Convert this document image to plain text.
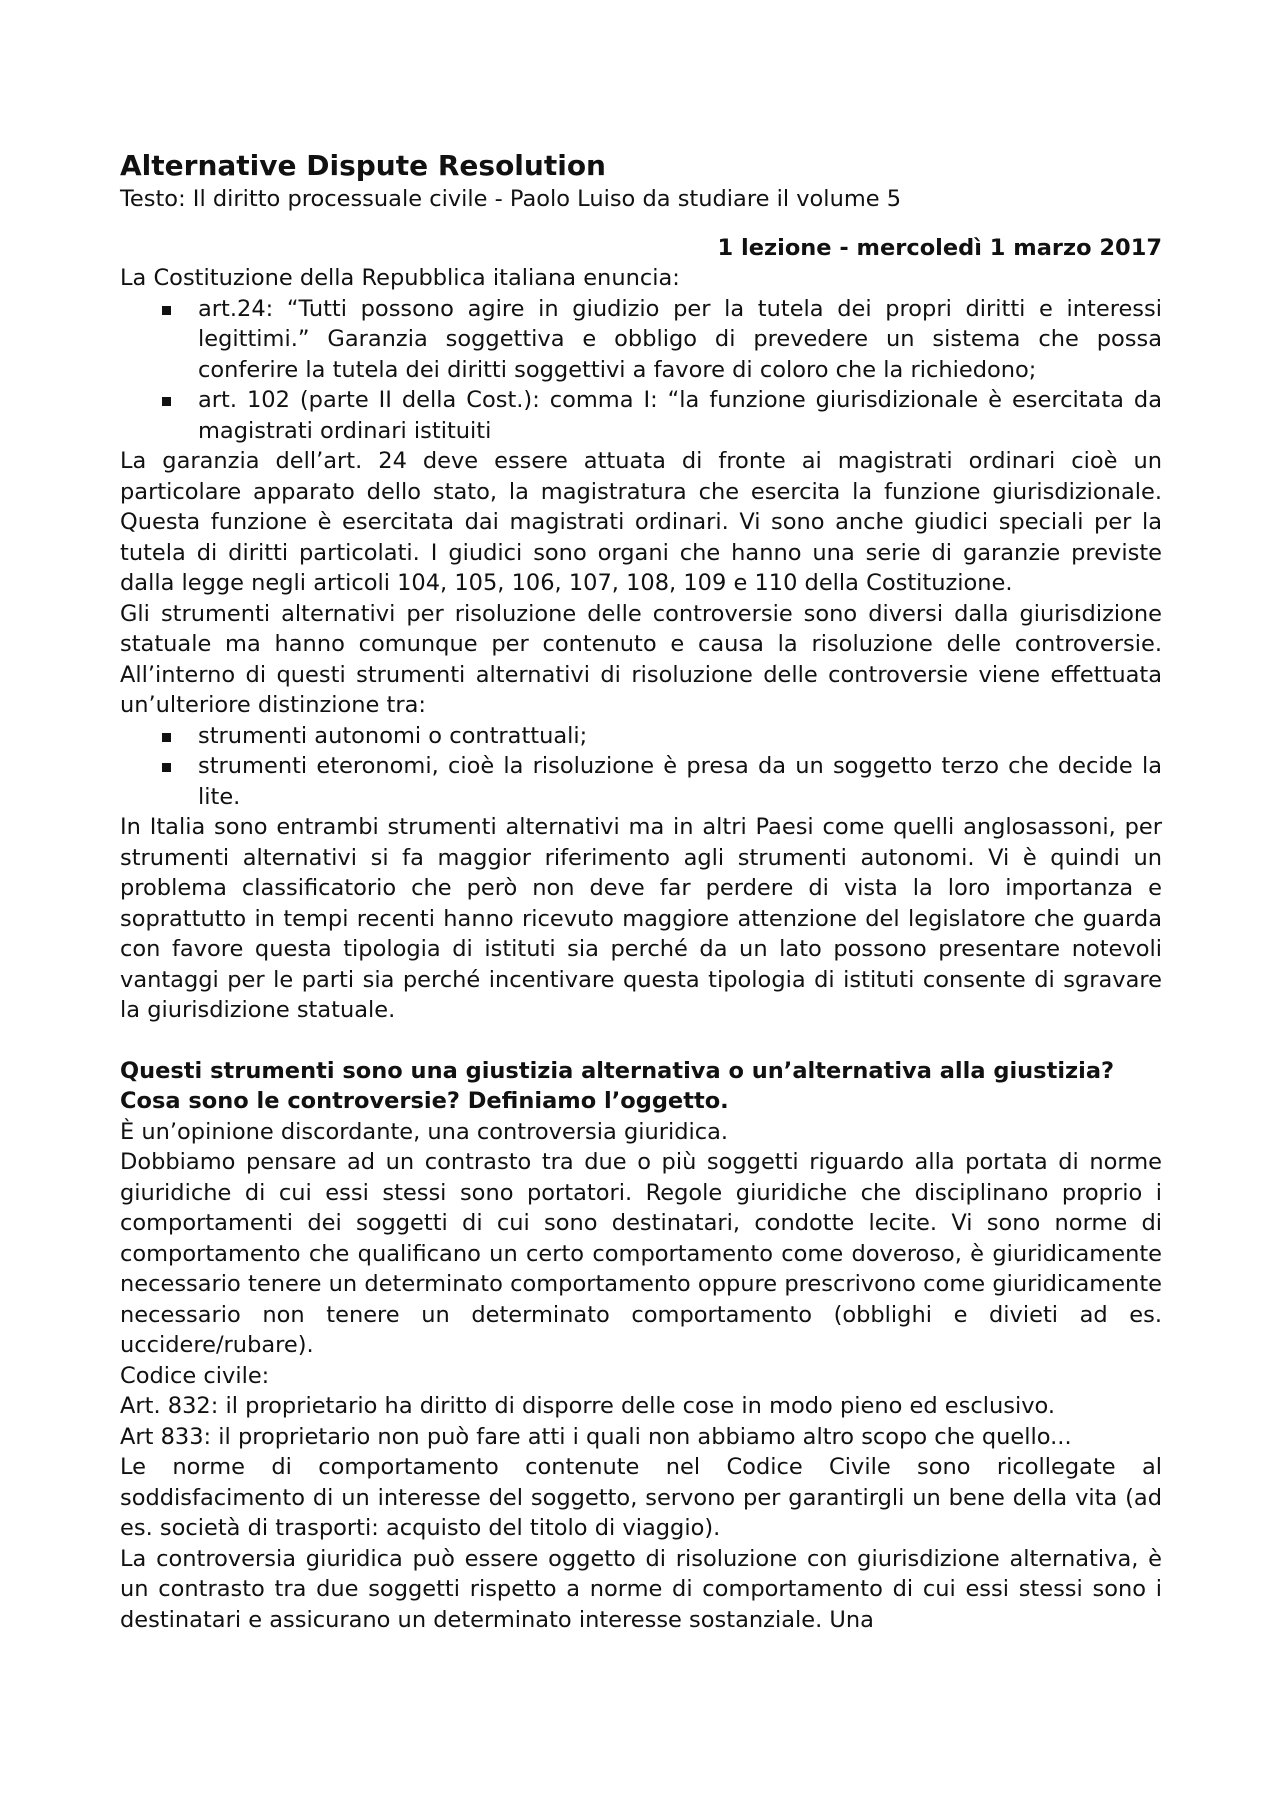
Alternative Dispute Resolution

Testo: Il diritto processuale civile - Paolo Luiso da studiare il volume 5

1 lezione - mercoledì 1 marzo 2017

La Costituzione della Repubblica italiana enuncia:

art.24: “Tutti possono agire in giudizio per la tutela dei propri diritti e interessi legittimi.” Garanzia soggettiva e obbligo di prevedere un sistema che possa conferire la tutela dei diritti soggettivi a favore di coloro che la richiedono;
art. 102 (parte II della Cost.): comma I: “la funzione giurisdizionale è esercitata da magistrati ordinari istituiti

La garanzia dell’art. 24 deve essere attuata di fronte ai magistrati ordinari cioè un particolare apparato dello stato, la magistratura che esercita la funzione giurisdizionale. Questa funzione è esercitata dai magistrati ordinari. Vi sono anche giudici speciali per la tutela di diritti particolati. I giudici sono organi che hanno una serie di garanzie previste dalla legge negli articoli 104, 105, 106, 107, 108, 109 e 110 della Costituzione.

Gli strumenti alternativi per risoluzione delle controversie sono diversi dalla giurisdizione statuale ma hanno comunque per contenuto e causa la risoluzione delle controversie. All’interno di questi strumenti alternativi di risoluzione delle controversie viene effettuata un’ulteriore distinzione tra:

strumenti autonomi o contrattuali;
strumenti eteronomi, cioè la risoluzione è presa da un soggetto terzo che decide la lite.

In Italia sono entrambi strumenti alternativi ma in altri Paesi come quelli anglosassoni, per strumenti alternativi si fa maggior riferimento agli strumenti autonomi. Vi è quindi un problema classificatorio che però non deve far perdere di vista la loro importanza e soprattutto in tempi recenti hanno ricevuto maggiore attenzione del legislatore che guarda con favore questa tipologia di istituti sia perché da un lato possono presentare notevoli vantaggi per le parti sia perché incentivare questa tipologia di istituti consente di sgravare la giurisdizione statuale.

Questi strumenti sono una giustizia alternativa o un’alternativa alla giustizia?

Cosa sono le controversie? Definiamo l’oggetto.

È un’opinione discordante, una controversia giuridica.

Dobbiamo pensare ad un contrasto tra due o più soggetti riguardo alla portata di norme giuridiche di cui essi stessi sono portatori. Regole giuridiche che disciplinano proprio i comportamenti dei soggetti di cui sono destinatari, condotte lecite. Vi sono norme di comportamento che qualificano un certo comportamento come doveroso, è giuridicamente necessario tenere un determinato comportamento oppure prescrivono come giuridicamente necessario non tenere un determinato comportamento (obblighi e divieti ad es. uccidere/rubare).

Codice civile:

Art. 832: il proprietario ha diritto di disporre delle cose in modo pieno ed esclusivo.

Art 833: il proprietario non può fare atti i quali non abbiamo altro scopo che quello...

Le norme di comportamento contenute nel Codice Civile sono ricollegate al soddisfacimento di un interesse del soggetto, servono per garantirgli un bene della vita (ad es. società di trasporti: acquisto del titolo di viaggio).

La controversia giuridica può essere oggetto di risoluzione con giurisdizione alternativa, è un contrasto tra due soggetti rispetto a norme di comportamento di cui essi stessi sono i destinatari e assicurano un determinato interesse sostanziale. Una
